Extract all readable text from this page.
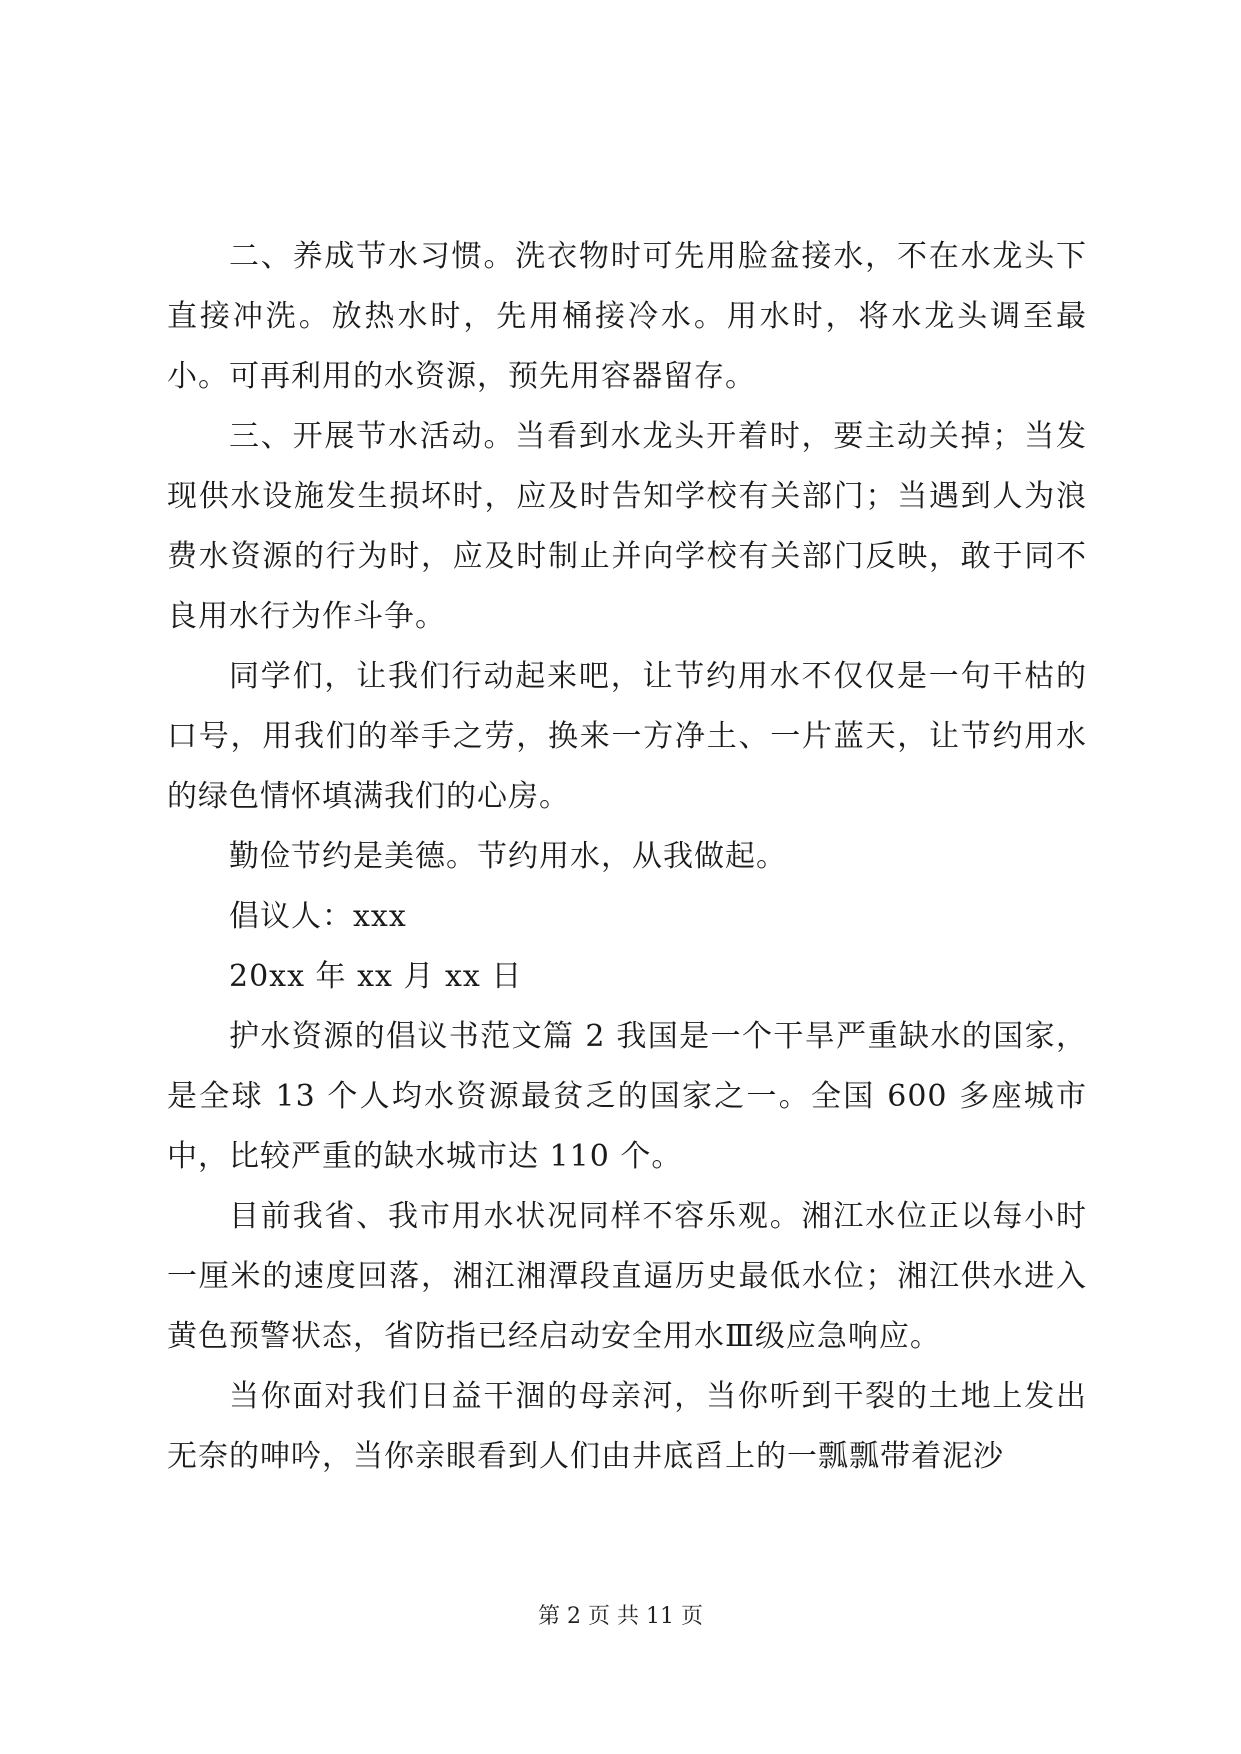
二、养成节水习惯。洗衣物时可先用脸盆接水，不在水龙头下直接冲洗。放热水时，先用桶接冷水。用水时，将水龙头调至最小。可再利用的水资源，预先用容器留存。

三、开展节水活动。当看到水龙头开着时，要主动关掉；当发现供水设施发生损坏时，应及时告知学校有关部门；当遇到人为浪费水资源的行为时，应及时制止并向学校有关部门反映，敢于同不良用水行为作斗争。

同学们，让我们行动起来吧，让节约用水不仅仅是一句干枯的口号，用我们的举手之劳，换来一方净土、一片蓝天，让节约用水的绿色情怀填满我们的心房。

勤俭节约是美德。节约用水，从我做起。

倡议人：xxx

20xx 年 xx 月 xx 日

护水资源的倡议书范文篇 2 我国是一个干旱严重缺水的国家，是全球 13 个人均水资源最贫乏的国家之一。全国 600 多座城市中，比较严重的缺水城市达 110 个。

目前我省、我市用水状况同样不容乐观。湘江水位正以每小时一厘米的速度回落，湘江湘潭段直逼历史最低水位；湘江供水进入黄色预警状态，省防指已经启动安全用水Ⅲ级应急响应。

当你面对我们日益干涸的母亲河，当你听到干裂的土地上发出无奈的呻吟，当你亲眼看到人们由井底舀上的一瓢瓢带着泥沙

第 2 页 共 11 页
